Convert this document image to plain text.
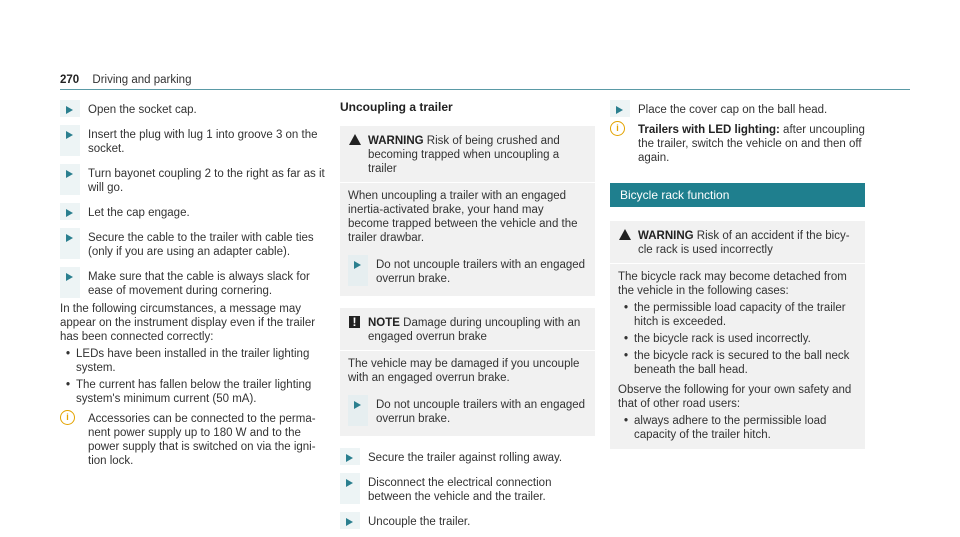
270 Driving and parking
Open the socket cap.
Insert the plug with lug 1 into groove 3 on the socket.
Turn bayonet coupling 2 to the right as far as it will go.
Let the cap engage.
Secure the cable to the trailer with cable ties (only if you are using an adapter cable).
Make sure that the cable is always slack for ease of movement during cornering.

In the following circumstances, a message may appear on the instrument display even if the trailer has been connected correctly:

• LEDs have been installed in the trailer lighting system.
• The current has fallen below the trailer lighting system's minimum current (50 mA).
i	Accessories can be connected to the perma-nent power supply up to 180 W and to the power supply that is switched on via the igni-tion lock.
Uncoupling a trailer
WARNING Risk of being crushed and becoming trapped when uncoupling a trailer
When uncoupling a trailer with an engaged inertia-activated brake, your hand may become trapped between the vehicle and the trailer drawbar.
Do not uncouple trailers with an engaged overrun brake.
!	NOTE Damage during uncoupling with an engaged overrun brake
The vehicle may be damaged if you uncouple with an engaged overrun brake.
Do not uncouple trailers with an engaged overrun brake.
Secure the trailer against rolling away.
Disconnect the electrical connection between the vehicle and the trailer.
Uncouple the trailer.
Place the cover cap on the ball head.
i	Trailers with LED lighting: after uncoupling the trailer, switch the vehicle on and then off again.
Bicycle rack function
WARNING Risk of an accident if the bicy-cle rack is used incorrectly
The bicycle rack may become detached from the vehicle in the following cases:
• the permissible load capacity of the trailer hitch is exceeded.
• the bicycle rack is used incorrectly.
• the bicycle rack is secured to the ball neck beneath the ball head.
Observe the following for your own safety and that of other road users:
• always adhere to the permissible load capacity of the trailer hitch.
